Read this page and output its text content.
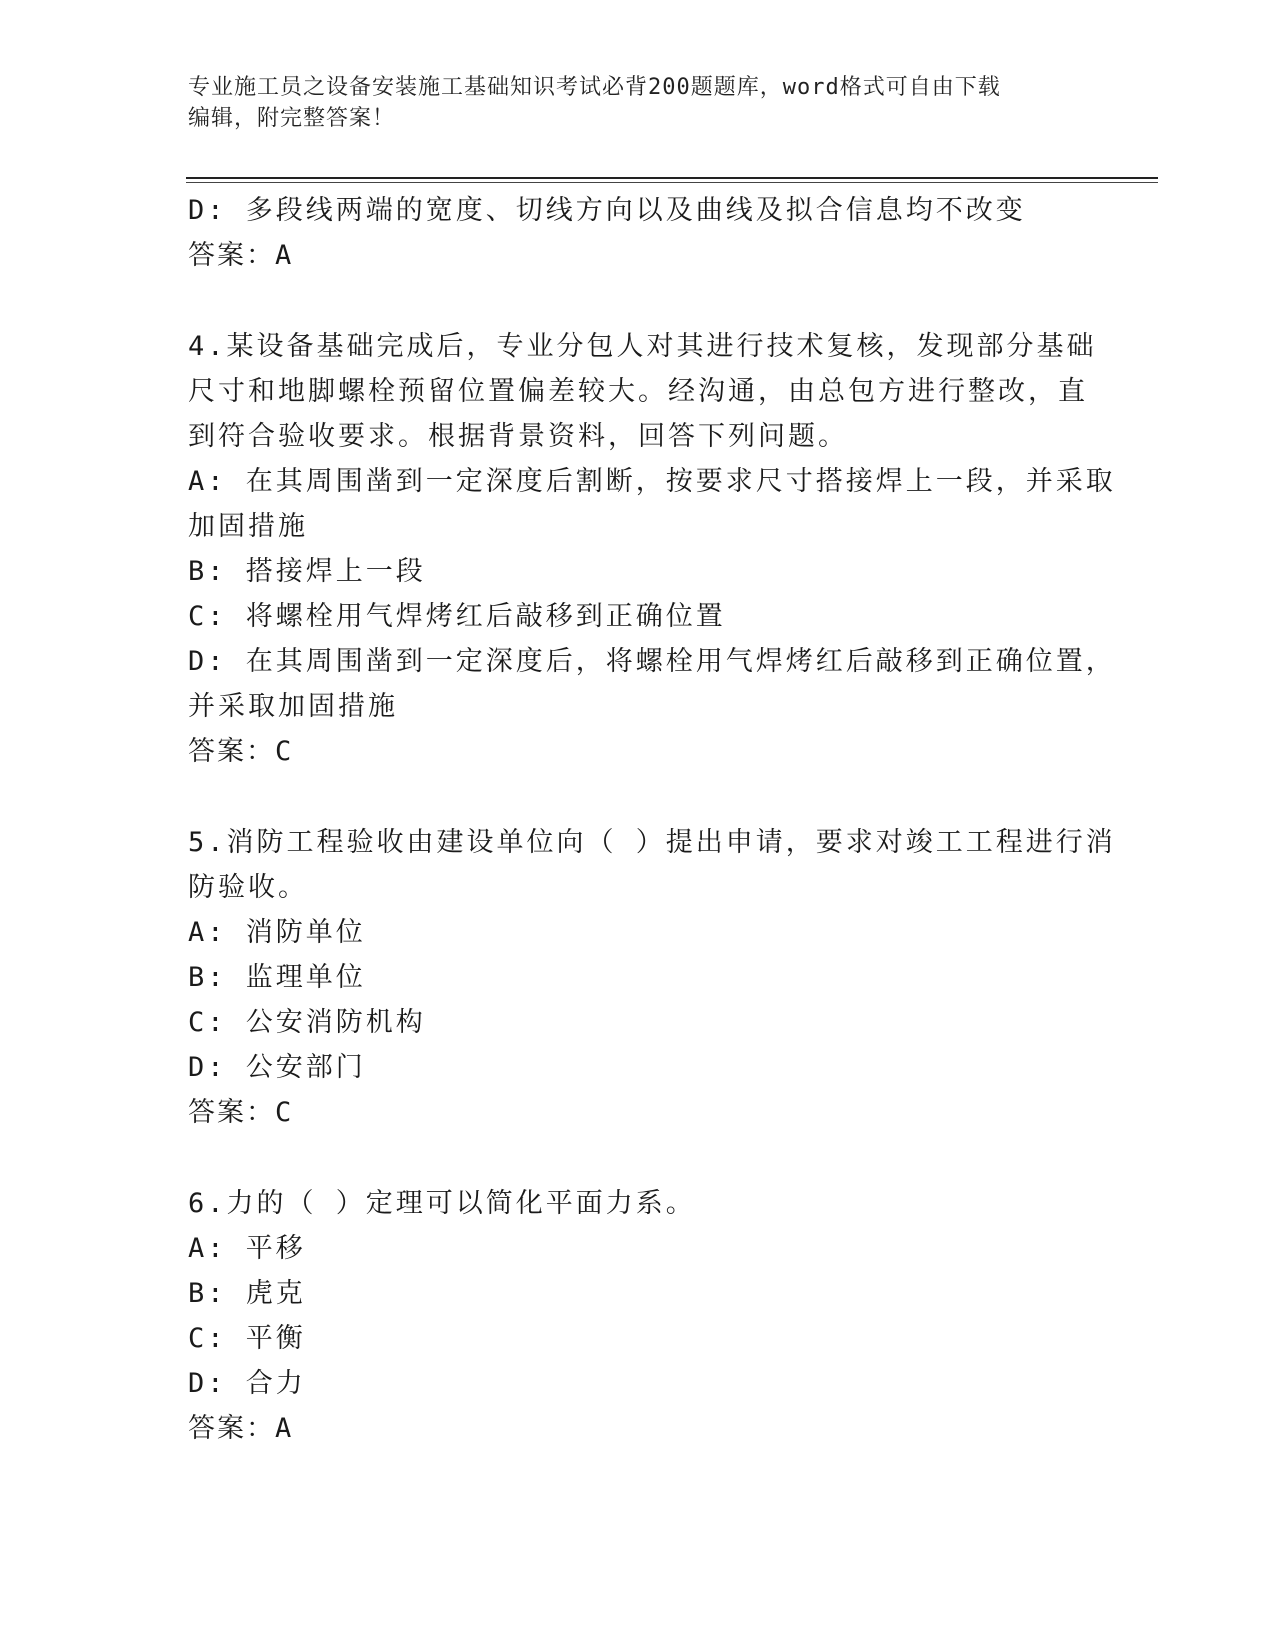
专业施工员之设备安装施工基础知识考试必背200题题库，word格式可自由下载
编辑，附完整答案！
D: 多段线两端的宽度、切线方向以及曲线及拟合信息均不改变
答案：A
4.某设备基础完成后，专业分包人对其进行技术复核，发现部分基础
尺寸和地脚螺栓预留位置偏差较大。经沟通，由总包方进行整改，直
到符合验收要求。根据背景资料，回答下列问题。
A: 在其周围凿到一定深度后割断，按要求尺寸搭接焊上一段，并采取
加固措施
B: 搭接焊上一段
C: 将螺栓用气焊烤红后敲移到正确位置
D: 在其周围凿到一定深度后，将螺栓用气焊烤红后敲移到正确位置，
并采取加固措施
答案：C
5.消防工程验收由建设单位向（ ）提出申请，要求对竣工工程进行消
防验收。
A: 消防单位
B: 监理单位
C: 公安消防机构
D: 公安部门
答案：C
6.力的（ ）定理可以简化平面力系。
A: 平移
B: 虎克
C: 平衡
D: 合力
答案：A
